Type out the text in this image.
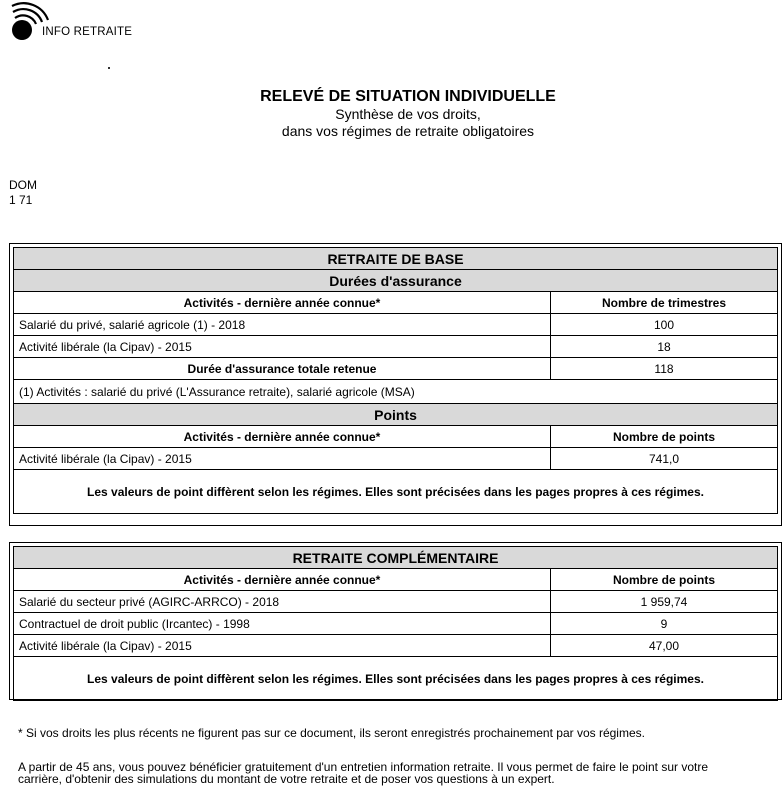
INFO RETRAITE
RELEVÉ DE SITUATION INDIVIDUELLE
Synthèse de vos droits,
dans vos régimes de retraite obligatoires
DOM
1 71
RETRAITE DE BASE	
Durées d'assurance	
Activités - dernière année connue*	Nombre de trimestres
Salarié du privé, salarié agricole (1) - 2018	100
Activité libérale (la Cipav) - 2015	18
Durée d'assurance totale retenue	118
(1) Activités : salarié du privé (L'Assurance retraite), salarié agricole (MSA)	
Points	
Activités - dernière année connue*	Nombre de points
Activité libérale (la Cipav) - 2015	741,0
Les valeurs de point diffèrent selon les régimes. Elles sont précisées dans les pages propres à ces régimes.	
RETRAITE COMPLÉMENTAIRE	
Activités - dernière année connue*	Nombre de points
Salarié du secteur privé (AGIRC-ARRCO) - 2018	1 959,74
Contractuel de droit public (Ircantec) - 1998	9
Activité libérale (la Cipav) - 2015	47,00
Les valeurs de point diffèrent selon les régimes. Elles sont précisées dans les pages propres à ces régimes.	
* Si vos droits les plus récents ne figurent pas sur ce document, ils seront enregistrés prochainement par vos régimes.
A partir de 45 ans, vous pouvez bénéficier gratuitement d'un entretien information retraite. Il vous permet de faire le point sur votre carrière, d'obtenir des simulations du montant de votre retraite et de poser vos questions à un expert.
